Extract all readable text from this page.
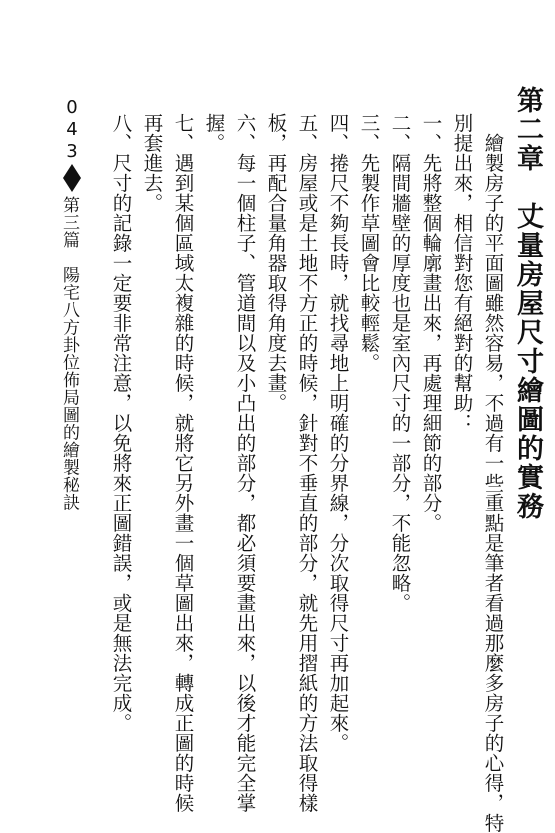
第二章　丈量房屋尺寸繪圖的實務
　繪製房子的平面圖雖然容易，不過有一些重點是筆者看過那麼多房子的心得，特
別提出來，相信對您有絕對的幫助：
一、先將整個輪廓畫出來，再處理細節的部分。
二、隔間牆壁的厚度也是室內尺寸的一部分，不能忽略。
三、先製作草圖會比較輕鬆。
四、捲尺不夠長時，就找尋地上明確的分界線，分次取得尺寸再加起來。
五、房屋或是土地不方正的時候，針對不垂直的部分，就先用摺紙的方法取得樣
板，再配合量角器取得角度去畫。
六、每一個柱子、管道間以及小凸出的部分，都必須要畫出來，以後才能完全掌
握。
七、遇到某個區域太複雜的時候，就將它另外畫一個草圖出來，轉成正圖的時候
再套進去。
0
4
3
第三篇　陽宅八方卦位佈局圖的繪製秘訣 八、尺寸的記錄一定要非常注意，以免將來正圖錯誤，或是無法完成。
